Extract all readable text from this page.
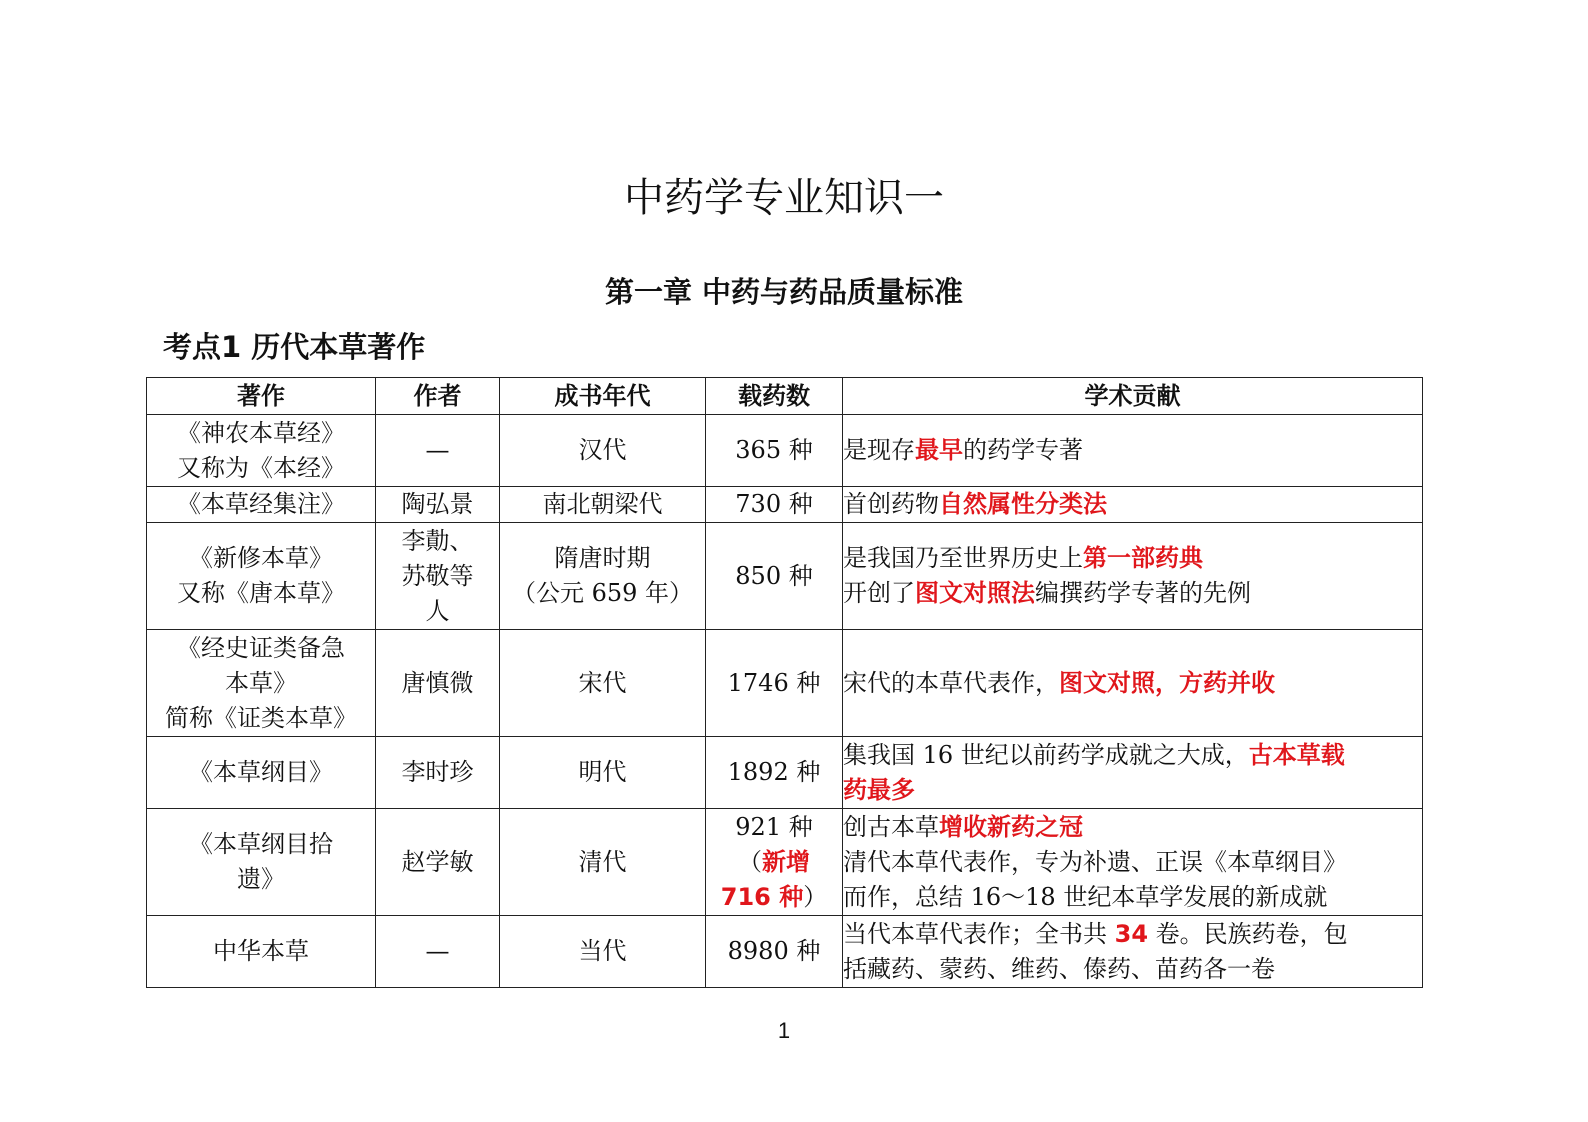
中药学专业知识一
第一章 中药与药品质量标准
考点1 历代本草著作
著作	作者	成书年代	载药数	学术贡献

《神农本草经》
又称为《本经》	—	汉代	365 种	是现存最早的药学专著

《本草经集注》	陶弘景	南北朝梁代	730 种	首创药物自然属性分类法

《新修本草》
又称《唐本草》	李勣、
苏敬等
人	隋唐时期
（公元 659 年）	850 种	是我国乃至世界历史上第一部药典
开创了图文对照法编撰药学专著的先例

《经史证类备急
本草》
简称《证类本草》	唐慎微	宋代	1746 种	宋代的本草代表作，图文对照，方药并收

《本草纲目》	李时珍	明代	1892 种	集我国 16 世纪以前药学成就之大成，古本草载
药最多

《本草纲目拾
遗》	赵学敏	清代	921 种
（新增
716 种）	创古本草增收新药之冠
清代本草代表作，专为补遗、正误《本草纲目》
而作，总结 16～18 世纪本草学发展的新成就

中华本草	—	当代	8980 种	当代本草代表作；全书共 34 卷。民族药卷，包
括藏药、蒙药、维药、傣药、苗药各一卷
1
